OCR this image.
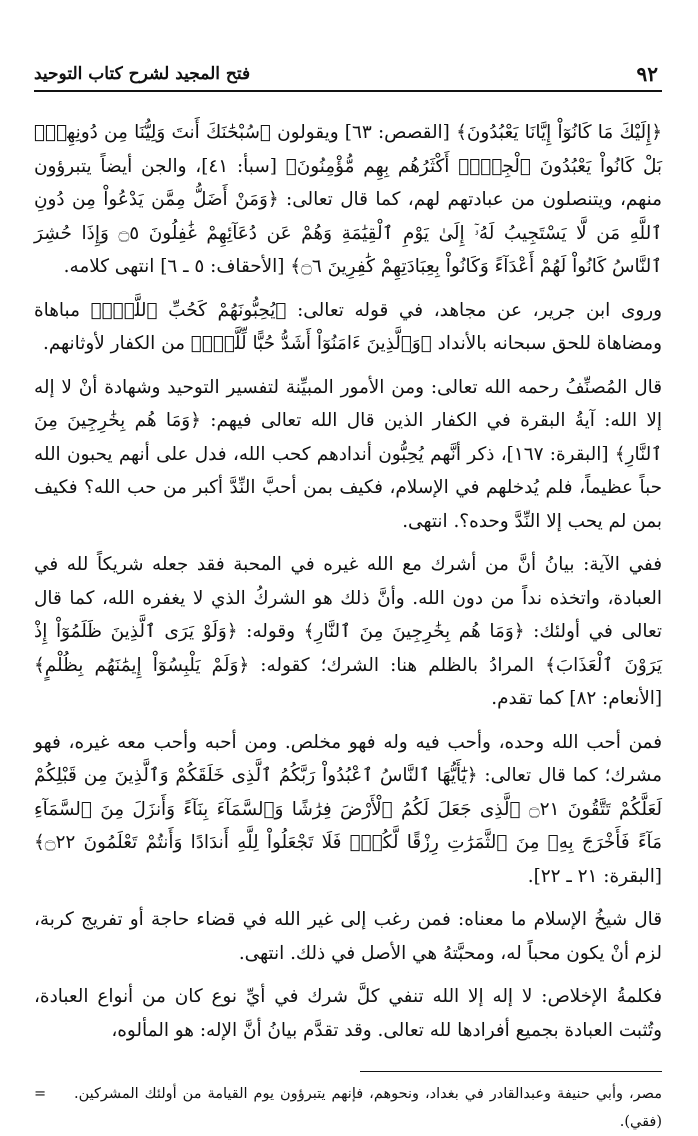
٩٢
فتح المجيد لشرح كتاب التوحيد

﴿إِلَيْكَ مَا كَانُوٓاْ إِيَّانَا يَعْبُدُونَ﴾ [القصص: ٦٣] ويقولون ﴿سُبْحَٰنَكَ أَنتَ وَلِيُّنَا مِن دُونِهِمْۖ بَلْ كَانُواْ يَعْبُدُونَ ٱلْجِنَّۖ أَكْثَرُهُم بِهِم مُّؤْمِنُونَ﴾ [سبأ: ٤١]، والجن أيضاً يتبرؤون منهم، ويتنصلون من عبادتهم لهم، كما قال تعالى: ﴿وَمَنْ أَضَلُّ مِمَّن يَدْعُواْ مِن دُونِ ٱللَّهِ مَن لَّا يَسْتَجِيبُ لَهُۥٓ إِلَىٰ يَوْمِ ٱلْقِيَٰمَةِ وَهُمْ عَن دُعَآئِهِمْ غَٰفِلُونَ ۝٥ وَإِذَا حُشِرَ ٱلنَّاسُ كَانُواْ لَهُمْ أَعْدَآءً وَكَانُواْ بِعِبَادَتِهِمْ كَٰفِرِينَ ۝٦﴾ [الأحقاف: ٥ ـ ٦] انتهى كلامه.

وروى ابن جرير، عن مجاهد، في قوله تعالى: ﴿يُحِبُّونَهُمْ كَحُبِّ ٱللَّهِۖ﴾ مباهاة ومضاهاة للحق سبحانه بالأنداد ﴿وَٱلَّذِينَ ءَامَنُوٓاْ أَشَدُّ حُبًّا لِّلَّهِۗ﴾ من الكفار لأوثانهم.

قال المُصنِّفُ رحمه الله تعالى: ومن الأمور المبيِّنة لتفسير التوحيد وشهادة أنْ لا إله إلا الله: آيةُ البقرة في الكفار الذين قال الله تعالى فيهم: ﴿وَمَا هُم بِخَٰرِجِينَ مِنَ ٱلنَّارِ﴾ [البقرة: ١٦٧]، ذكر أنَّهم يُحِبُّون أندادهم كحب الله، فدل على أنهم يحبون الله حباً عظيماً، فلم يُدخلهم في الإسلام، فكيف بمن أحبَّ النِّدَّ أكبر من حب الله؟ فكيف بمن لم يحب إلا النِّدَّ وحده؟. انتهى.

ففي الآية: بيانُ أنَّ من أشرك مع الله غيره في المحبة فقد جعله شريكاً لله في العبادة، واتخذه نداً من دون الله. وأنَّ ذلك هو الشركُ الذي لا يغفره الله، كما قال تعالى في أولئك: ﴿وَمَا هُم بِخَٰرِجِينَ مِنَ ٱلنَّارِ﴾ وقوله: ﴿وَلَوْ يَرَى ٱلَّذِينَ ظَلَمُوٓاْ إِذْ يَرَوْنَ ٱلْعَذَابَ﴾ المرادُ بالظلم هنا: الشرك؛ كقوله: ﴿وَلَمْ يَلْبِسُوٓاْ إِيمَٰنَهُم بِظُلْمٍ﴾ [الأنعام: ٨٢] كما تقدم.

فمن أحب الله وحده، وأحب فيه وله فهو مخلص. ومن أحبه وأحب معه غيره، فهو مشرك؛ كما قال تعالى: ﴿يَٰٓأَيُّهَا ٱلنَّاسُ ٱعْبُدُواْ رَبَّكُمُ ٱلَّذِى خَلَقَكُمْ وَٱلَّذِينَ مِن قَبْلِكُمْ لَعَلَّكُمْ تَتَّقُونَ ۝٢١ ٱلَّذِى جَعَلَ لَكُمُ ٱلْأَرْضَ فِرَٰشًا وَٱلسَّمَآءَ بِنَآءً وَأَنزَلَ مِنَ ٱلسَّمَآءِ مَآءً فَأَخْرَجَ بِهِۦ مِنَ ٱلثَّمَرَٰتِ رِزْقًا لَّكُمْۖ فَلَا تَجْعَلُواْ لِلَّهِ أَندَادًا وَأَنتُمْ تَعْلَمُونَ ۝٢٢﴾ [البقرة: ٢١ ـ ٢٢].

قال شيخُ الإسلام ما معناه: فمن رغب إلى غير الله في قضاء حاجة أو تفريج كربة، لزم أنْ يكون محباً له، ومحبَّتهُ هي الأصل في ذلك. انتهى.

فكلمةُ الإخلاص: لا إله إلا الله تنفي كلَّ شرك في أيِّ نوع كان من أنواع العبادة، وتُثبت العبادة بجميع أفرادها لله تعالى. وقد تقدَّم بيانُ أنَّ الإله: هو المألوه،

=	مصر، وأبي حنيفة وعبدالقادر في بغداد، ونحوهم، فإنهم يتبرؤون يوم القيامة من أولئك المشركين. (فقي).
